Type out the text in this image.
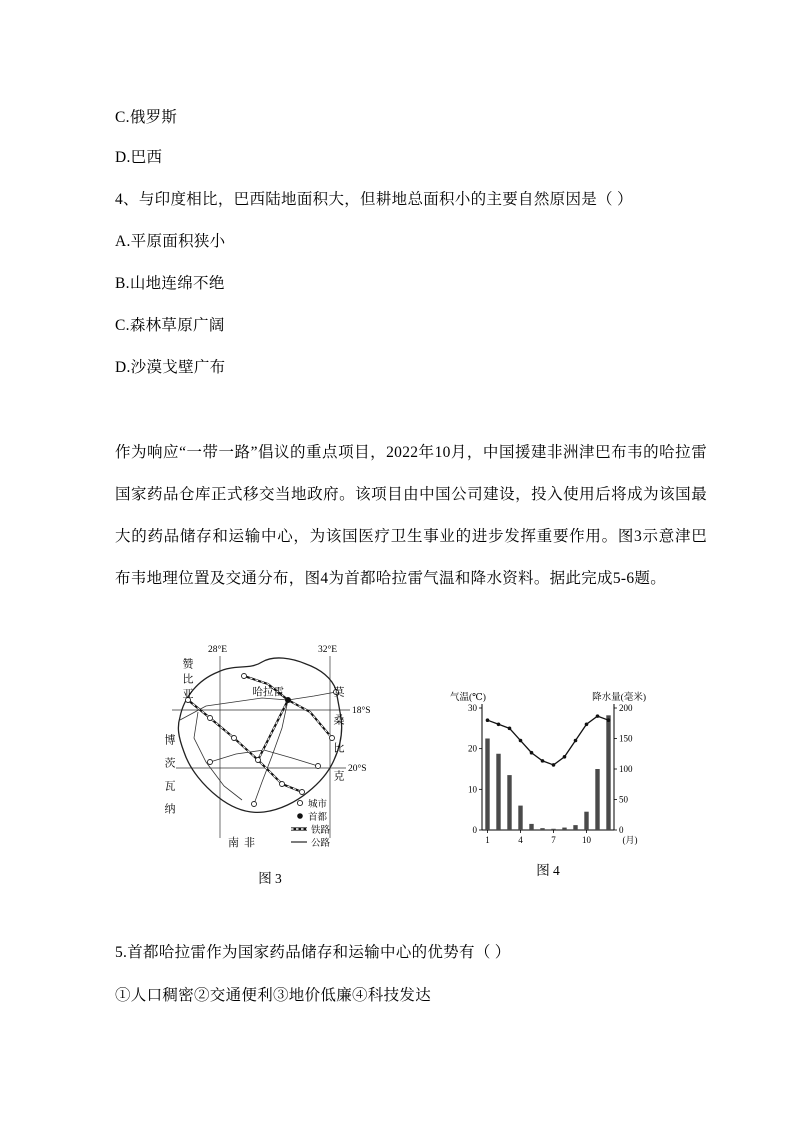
C.俄罗斯
D.巴西
4、与印度相比，巴西陆地面积大，但耕地总面积小的主要自然原因是（ ）
A.平原面积狭小
B.山地连绵不绝
C.森林草原广阔
D.沙漠戈壁广布
作为响应“一带一路”倡议的重点项目，2022年10月，中国援建非洲津巴布韦的哈拉雷国家药品仓库正式移交当地政府。该项目由中国公司建设，投入使用后将成为该国最大的药品储存和运输中心，为该国医疗卫生事业的进步发挥重要作用。图3示意津巴布韦地理位置及交通分布，图4为首都哈拉雷气温和降水资料。据此完成5-6题。
28°E	32°E
18°S
20°S
哈拉雷
城市
首都
铁路
公路
赞比亚
莫桑比克
博茨瓦纳
南非
图 3
气温(℃)	降水量(毫米)
0
10
20
30
0
50
100
150
200
1	4	7	10	(月)
图 4
5.首都哈拉雷作为国家药品储存和运输中心的优势有（ ）
①人口稠密②交通便利③地价低廉④科技发达
